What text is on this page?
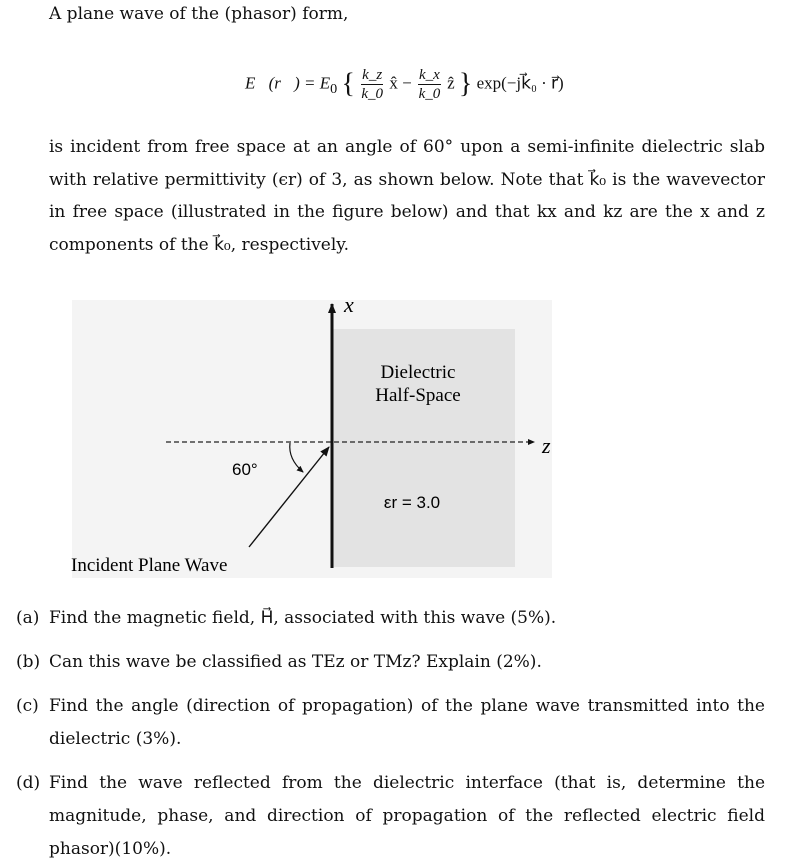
A plane wave of the (phasor) form,
E⃗(r⃗) = $E_0$ { $\frac{k\_z}{k\_0}$ x̂ − $\frac{k\_x}{k\_0}$ ẑ } exp(−jk⃗₀ · r⃗)
is incident from free space at an angle of 60° upon a semi-infinite dielectric slab with relative permittivity (ϵr) of 3, as shown below. Note that k⃗₀ is the wavevector in free space (illustrated in the figure below) and that kx and kz are the x and z components of the k⃗₀, respectively.
x
z
Dielectric
Half-Space
εr = 3.0
60°
Incident Plane Wave
(a) Find the magnetic field, H⃗, associated with this wave (5%).
(b) Can this wave be classified as TEz or TMz? Explain (2%).
(c) Find the angle (direction of propagation) of the plane wave transmitted into the dielectric (3%).
(d) Find the wave reflected from the dielectric interface (that is, determine the magnitude, phase, and direction of propagation of the reflected electric field phasor)(10%).
